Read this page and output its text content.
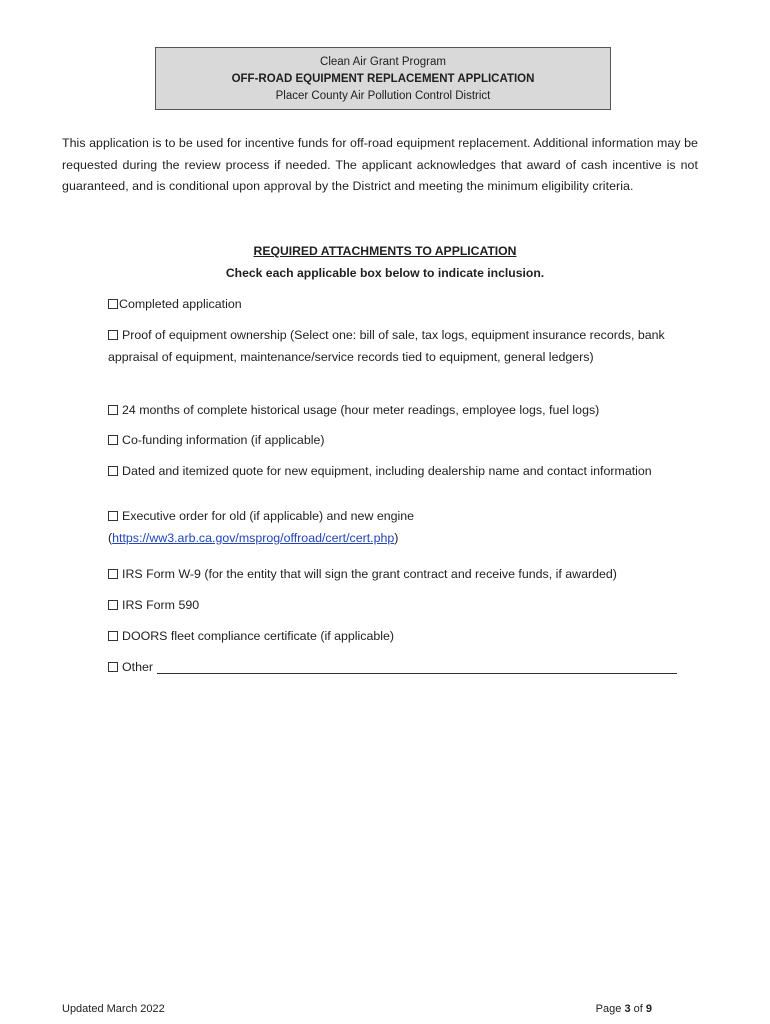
Clean Air Grant Program
OFF-ROAD EQUIPMENT REPLACEMENT APPLICATION
Placer County Air Pollution Control District
This application is to be used for incentive funds for off-road equipment replacement. Additional information may be requested during the review process if needed. The applicant acknowledges that award of cash incentive is not guaranteed, and is conditional upon approval by the District and meeting the minimum eligibility criteria.
REQUIRED ATTACHMENTS TO APPLICATION
Check each applicable box below to indicate inclusion.
Completed application
Proof of equipment ownership (Select one: bill of sale, tax logs, equipment insurance records, bank appraisal of equipment, maintenance/service records tied to equipment, general ledgers)
24 months of complete historical usage (hour meter readings, employee logs, fuel logs)
Co-funding information (if applicable)
Dated and itemized quote for new equipment, including dealership name and contact information
Executive order for old (if applicable) and new engine
(https://ww3.arb.ca.gov/msprog/offroad/cert/cert.php)
IRS Form W-9 (for the entity that will sign the grant contract and receive funds, if awarded)
IRS Form 590
DOORS fleet compliance certificate (if applicable)
Other
Updated March 2022	Page 3 of 9
